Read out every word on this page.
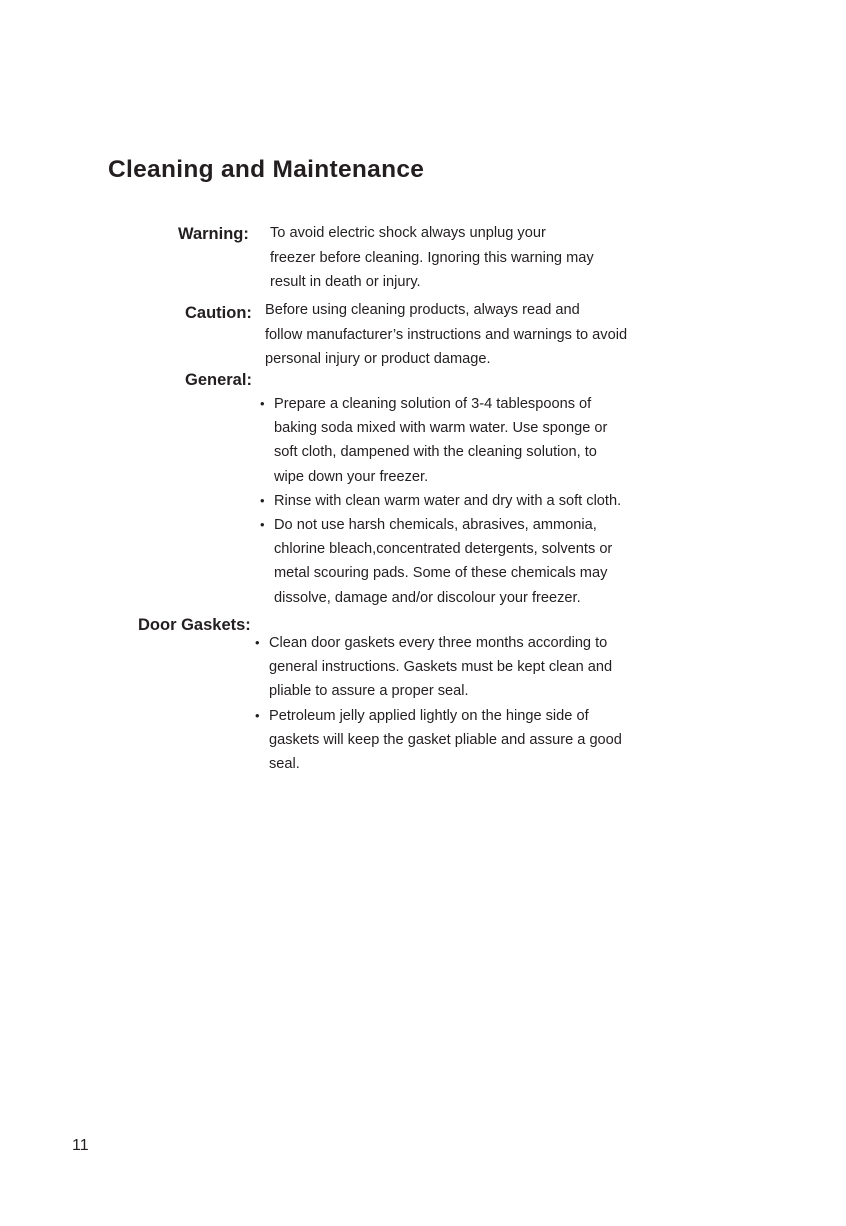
Cleaning and Maintenance
Warning: To avoid electric shock always unplug your
freezer before cleaning. Ignoring this warning may
result in death or injury.
Caution: Before using cleaning products, always read and
follow manufacturer’s instructions and warnings to avoid
personal injury or product damage.
General:
• Prepare a cleaning solution of 3-4 tablespoons of
baking soda mixed with warm water. Use sponge or
soft cloth, dampened with the cleaning solution, to
wipe down your freezer.
• Rinse with clean warm water and dry with a soft cloth.
• Do not use harsh chemicals, abrasives, ammonia,
chlorine bleach,concentrated detergents, solvents or
metal scouring pads. Some of these chemicals may
dissolve, damage and/or discolour your freezer.
Door Gaskets:
• Clean door gaskets every three months according to
general instructions. Gaskets must be kept clean and
pliable to assure a proper seal.
• Petroleum jelly applied lightly on the hinge side of
gaskets will keep the gasket pliable and assure a good
seal.
11
